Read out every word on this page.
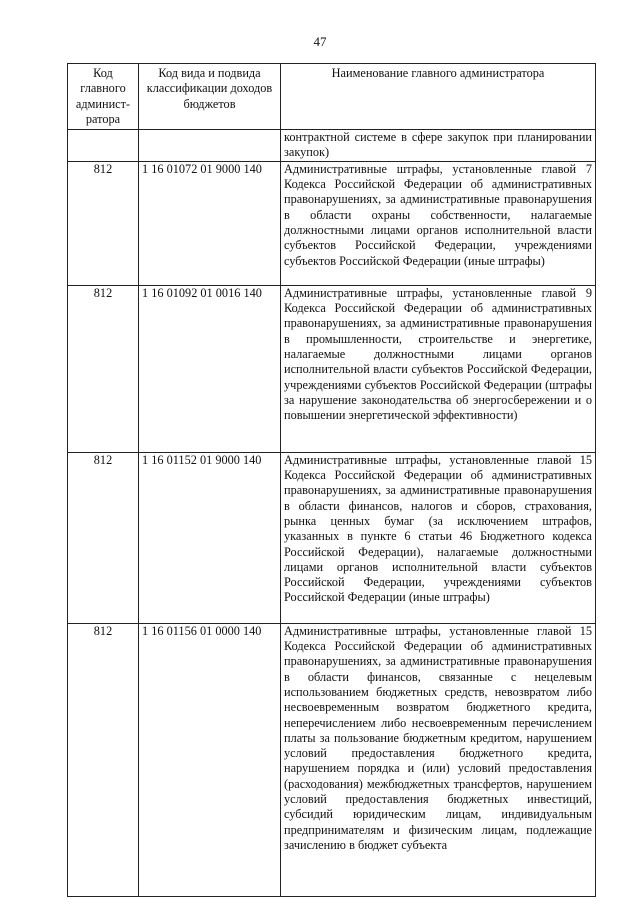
47
Код главного админист-ратора	Код вида и подвида классификации доходов бюджетов	Наименование главного администратора
		контрактной системе в сфере закупок при планировании закупок)
812	1 16 01072 01 9000 140	Административные штрафы, установленные главой 7 Кодекса Российской Федерации об административных правонарушениях, за административные правонарушения в области охраны собственности, налагаемые должностными лицами органов исполнительной власти субъектов Российской Федерации, учреждениями субъектов Российской Федерации (иные штрафы)
812	1 16 01092 01 0016 140	Административные штрафы, установленные главой 9 Кодекса Российской Федерации об административных правонарушениях, за административные правонарушения в промышленности, строительстве и энергетике, налагаемые должностными лицами органов исполнительной власти субъектов Российской Федерации, учреждениями субъектов Российской Федерации (штрафы за нарушение законодательства об энергосбережении и о повышении энергетической эффективности)
812	1 16 01152 01 9000 140	Административные штрафы, установленные главой 15 Кодекса Российской Федерации об административных правонарушениях, за административные правонарушения в области финансов, налогов и сборов, страхования, рынка ценных бумаг (за исключением штрафов, указанных в пункте 6 статьи 46 Бюджетного кодекса Российской Федерации), налагаемые должностными лицами органов исполнительной власти субъектов Российской Федерации, учреждениями субъектов Российской Федерации (иные штрафы)
812	1 16 01156 01 0000 140	Административные штрафы, установленные главой 15 Кодекса Российской Федерации об административных правонарушениях, за административные правонарушения в области финансов, связанные с нецелевым использованием бюджетных средств, невозвратом либо несвоевременным возвратом бюджетного кредита, неперечислением либо несвоевременным перечислением платы за пользование бюджетным кредитом, нарушением условий предоставления бюджетного кредита, нарушением порядка и (или) условий предоставления (расходования) межбюджетных трансфертов, нарушением условий предоставления бюджетных инвестиций, субсидий юридическим лицам, индивидуальным предпринимателям и физическим лицам, подлежащие зачислению в бюджет субъекта
